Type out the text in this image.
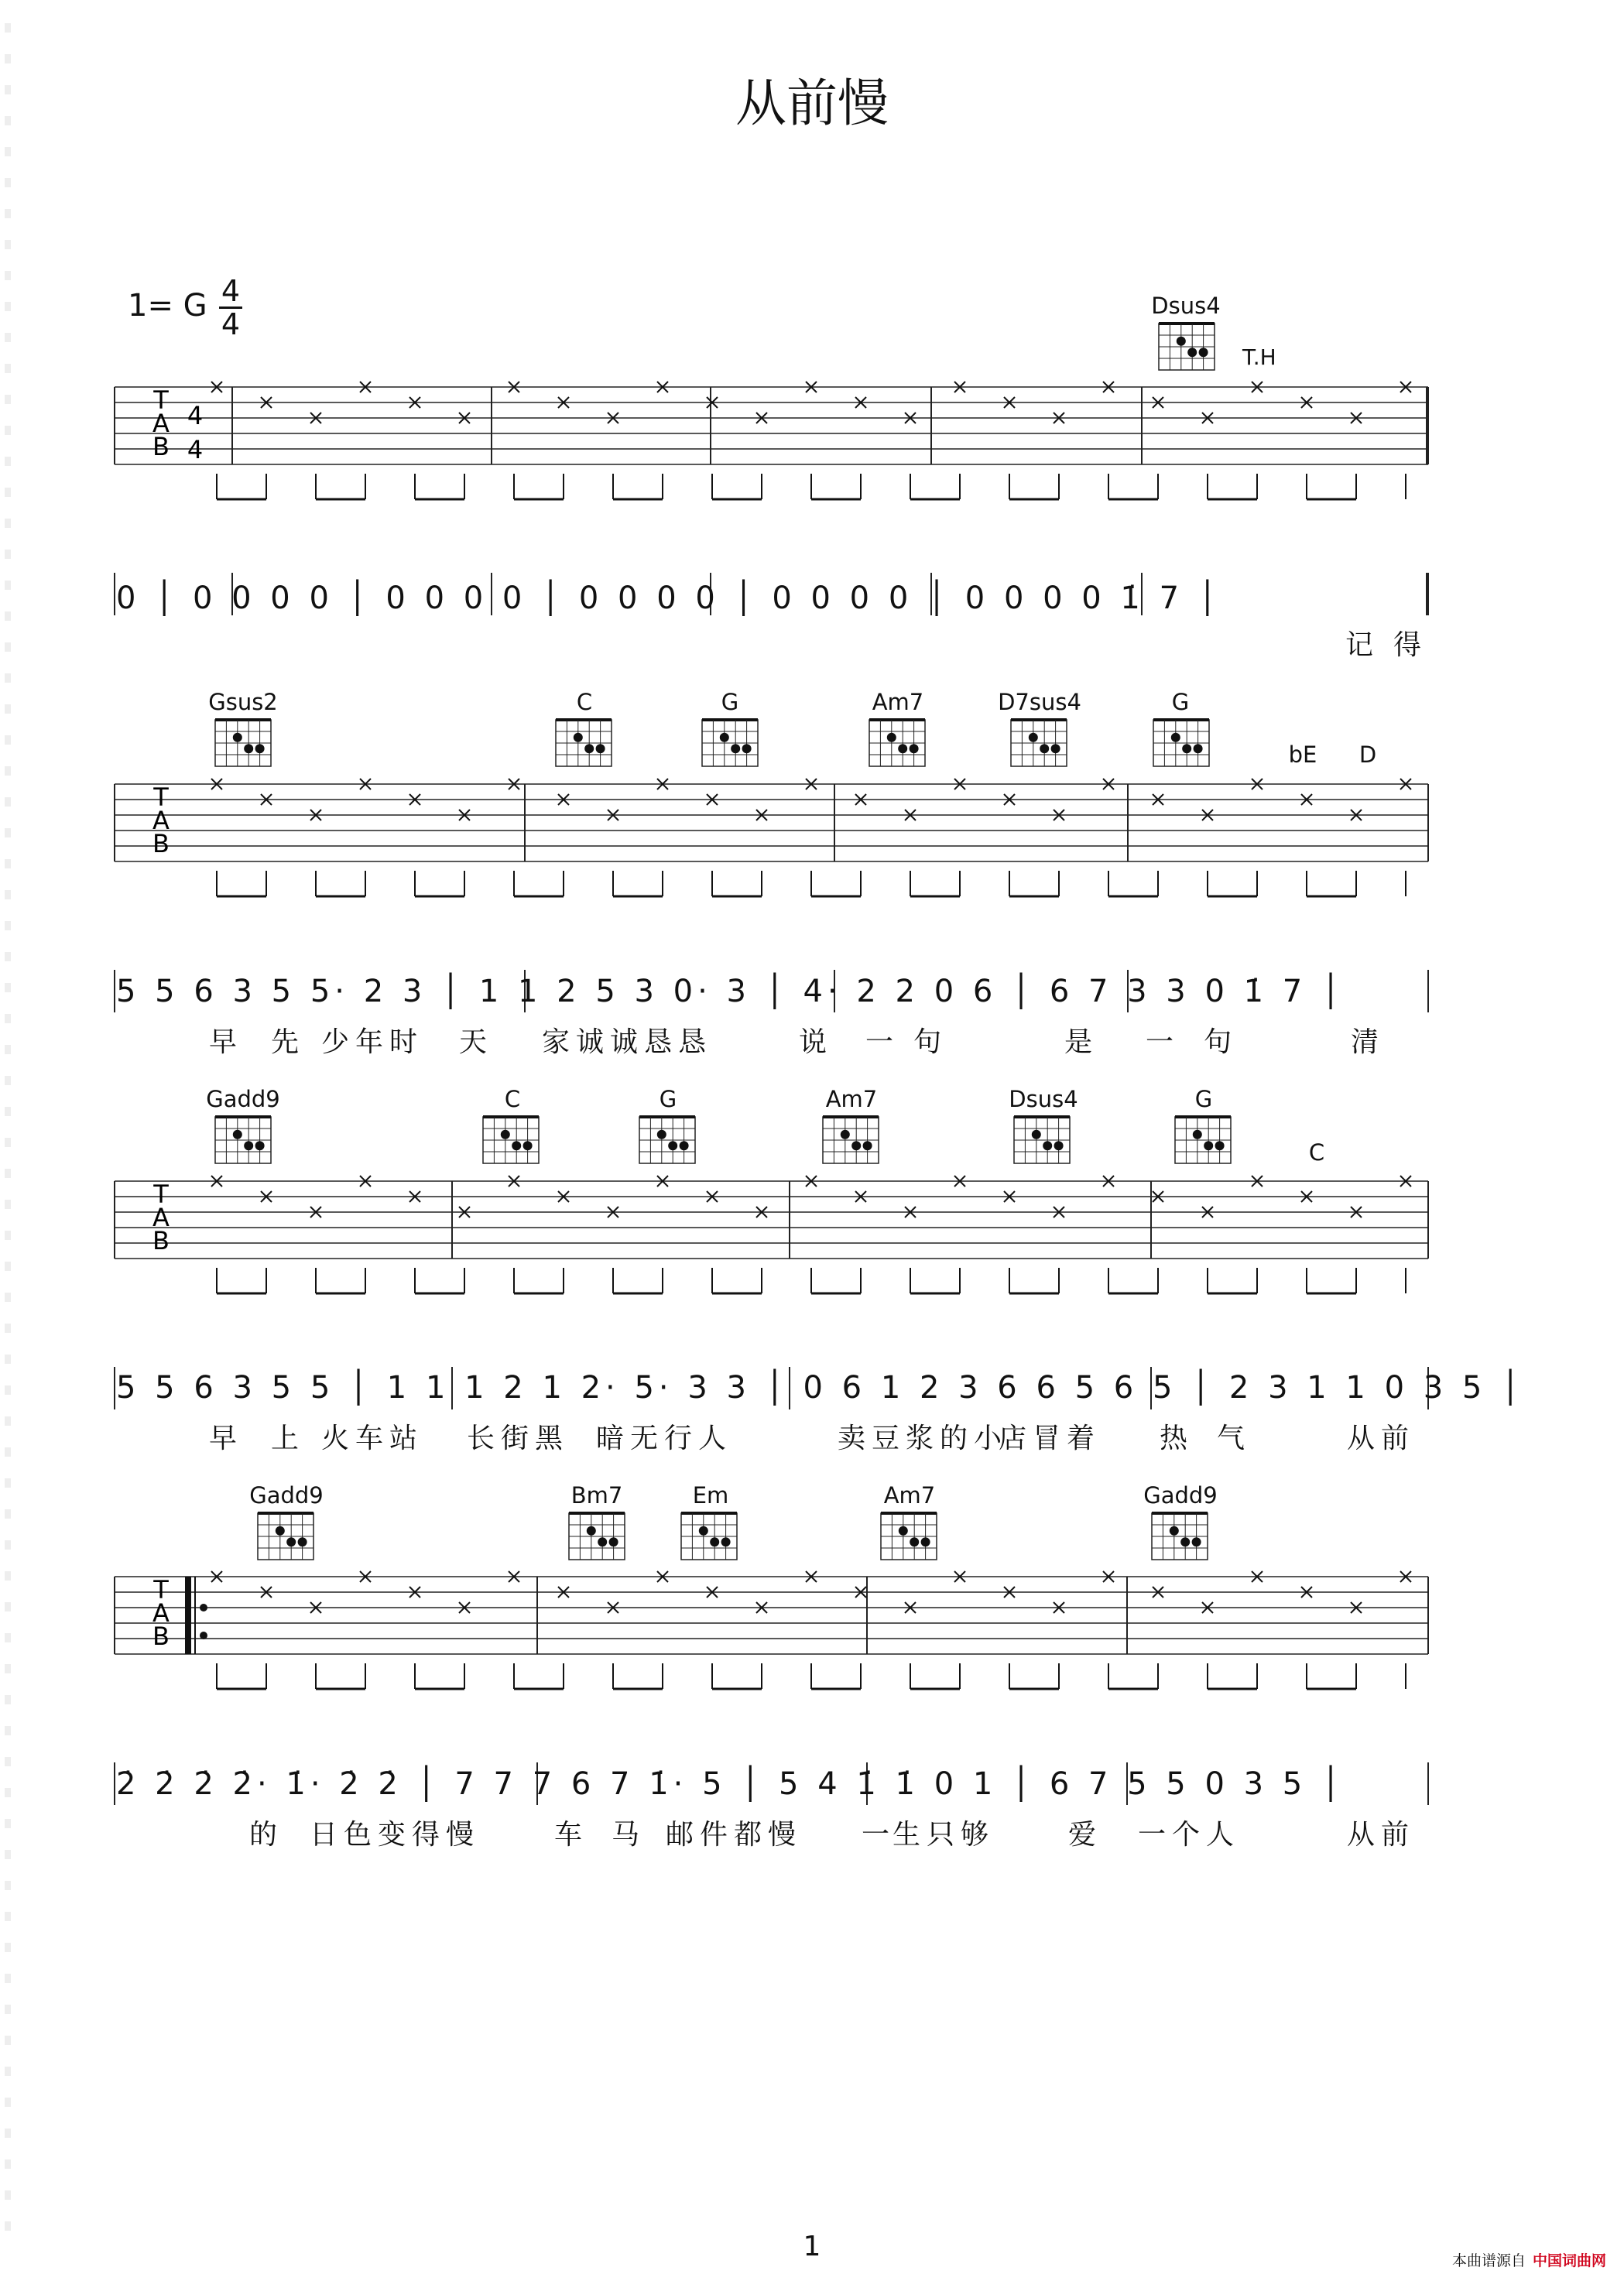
从前慢
1= G 4
4
Dsus4
T.H
Gsus2	C	G	Am7	D7sus4	G
bE	D
Gadd9	C	G	Am7	Dsus4	G
C
Gadd9	Bm7	Em	Am7	Gadd9
T
A
B
T
A
B
T
A
B
T
A
B
4
4
0 │ 0 0 0 0 │ 0 0 0 0 │ 0 0 0 0 │ 0 0 0 0 │ 0 0 0 0 1̇ 7 │
5 5 6 3 5 5· 2 3 │ 1 1 2 5 3 0· 3 │ 4· 2 2 0 6 │ 6 7 3 3 0 1̇ 7 │
5 5 6 3 5 5 │ 1 1 1 2 1 2· 5· 3 3 │ 0 6 1 2 3 6 6 5 6 5 │ 2 3 1 1 0 3 5 │
2̇ 2̇ 2̇ 2̇· 1̇· 2̇ 2̇ │ 7 7 7 6 7 1̇· 5 │ 5 4 1̇ 1̇ 0 1 │ 6 7 5 5 0 3 5 │
记 得
早 先 少年时 天 家诚诚恳恳	说 一 句	是 一 句	清
早 上 火车站 长街黑 暗无行人	卖豆浆的小
店冒着 热 气	从前
的 日色变得慢	车 马 邮件都慢 一
生只够	爱 一个人	从前
1	本曲谱源自 中国词曲网
